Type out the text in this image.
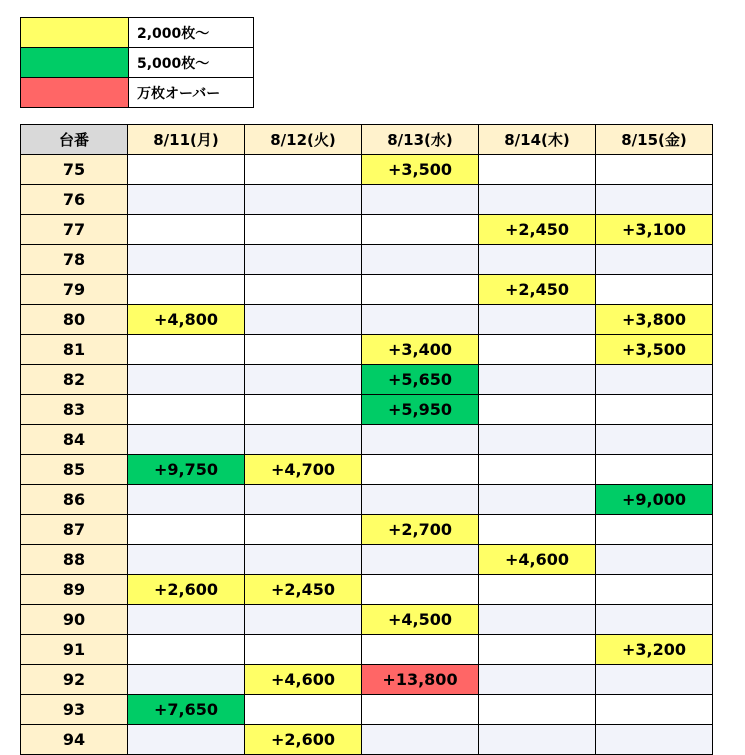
	2,000枚～
	5,000枚～
	万枚オーバー
台番	8/11(月)	8/12(火)	8/13(水)	8/14(木)	8/15(金)
75			+3,500		
76					
77				+2,450	+3,100
78					
79				+2,450	
80	+4,800				+3,800
81			+3,400		+3,500
82			+5,650		
83			+5,950		
84					
85	+9,750	+4,700			
86					+9,000
87			+2,700		
88				+4,600	
89	+2,600	+2,450			
90			+4,500		
91					+3,200
92		+4,600	+13,800		
93	+7,650				
94		+2,600			
